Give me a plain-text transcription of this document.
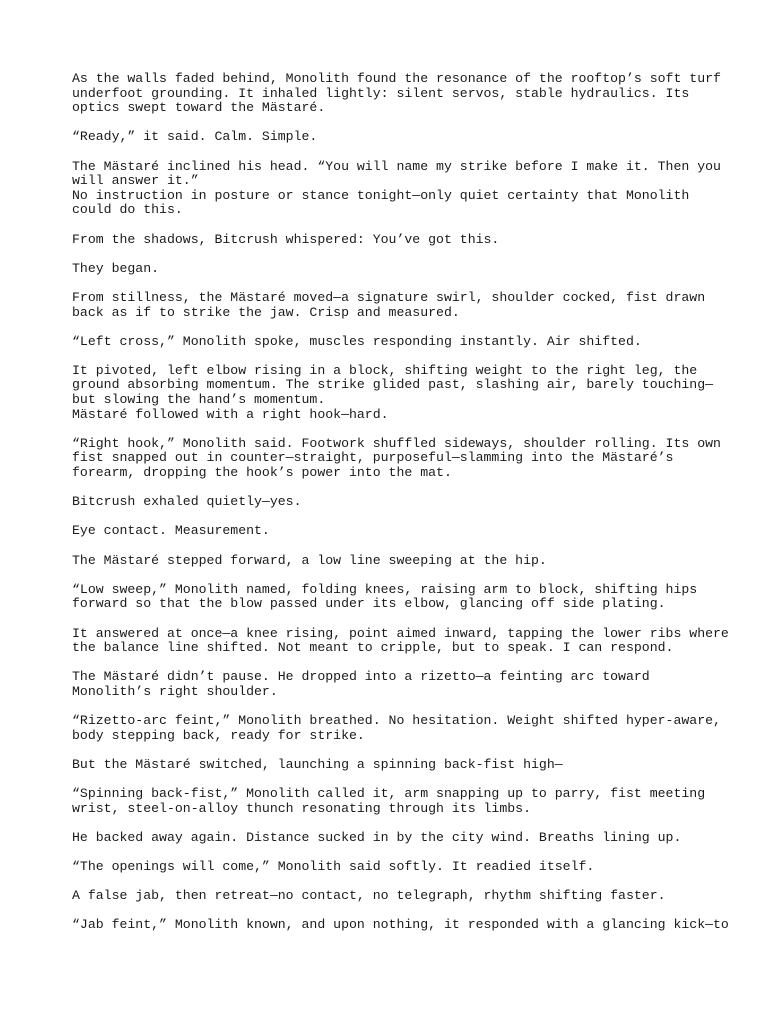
As the walls faded behind, Monolith found the resonance of the rooftop’s soft turf
underfoot grounding. It inhaled lightly: silent servos, stable hydraulics. Its
optics swept toward the Mästaré.
“Ready,” it said. Calm. Simple.
The Mästaré inclined his head. “You will name my strike before I make it. Then you
will answer it.”
No instruction in posture or stance tonight—only quiet certainty that Monolith
could do this.
From the shadows, Bitcrush whispered: You’ve got this.
They began.
From stillness, the Mästaré moved—a signature swirl, shoulder cocked, fist drawn
back as if to strike the jaw. Crisp and measured.
“Left cross,” Monolith spoke, muscles responding instantly. Air shifted.
It pivoted, left elbow rising in a block, shifting weight to the right leg, the
ground absorbing momentum. The strike glided past, slashing air, barely touching—
but slowing the hand’s momentum.
Mästaré followed with a right hook—hard.
“Right hook,” Monolith said. Footwork shuffled sideways, shoulder rolling. Its own
fist snapped out in counter—straight, purposeful—slamming into the Mästaré’s
forearm, dropping the hook’s power into the mat.
Bitcrush exhaled quietly—yes.
Eye contact. Measurement.
The Mästaré stepped forward, a low line sweeping at the hip.
“Low sweep,” Monolith named, folding knees, raising arm to block, shifting hips
forward so that the blow passed under its elbow, glancing off side plating.
It answered at once—a knee rising, point aimed inward, tapping the lower ribs where
the balance line shifted. Not meant to cripple, but to speak. I can respond.
The Mästaré didn’t pause. He dropped into a rizetto—a feinting arc toward
Monolith’s right shoulder.
“Rizetto-arc feint,” Monolith breathed. No hesitation. Weight shifted hyper-aware,
body stepping back, ready for strike.
But the Mästaré switched, launching a spinning back-fist high—
“Spinning back-fist,” Monolith called it, arm snapping up to parry, fist meeting
wrist, steel-on-alloy thunch resonating through its limbs.
He backed away again. Distance sucked in by the city wind. Breaths lining up.
“The openings will come,” Monolith said softly. It readied itself.
A false jab, then retreat—no contact, no telegraph, rhythm shifting faster.
“Jab feint,” Monolith known, and upon nothing, it responded with a glancing kick—to
